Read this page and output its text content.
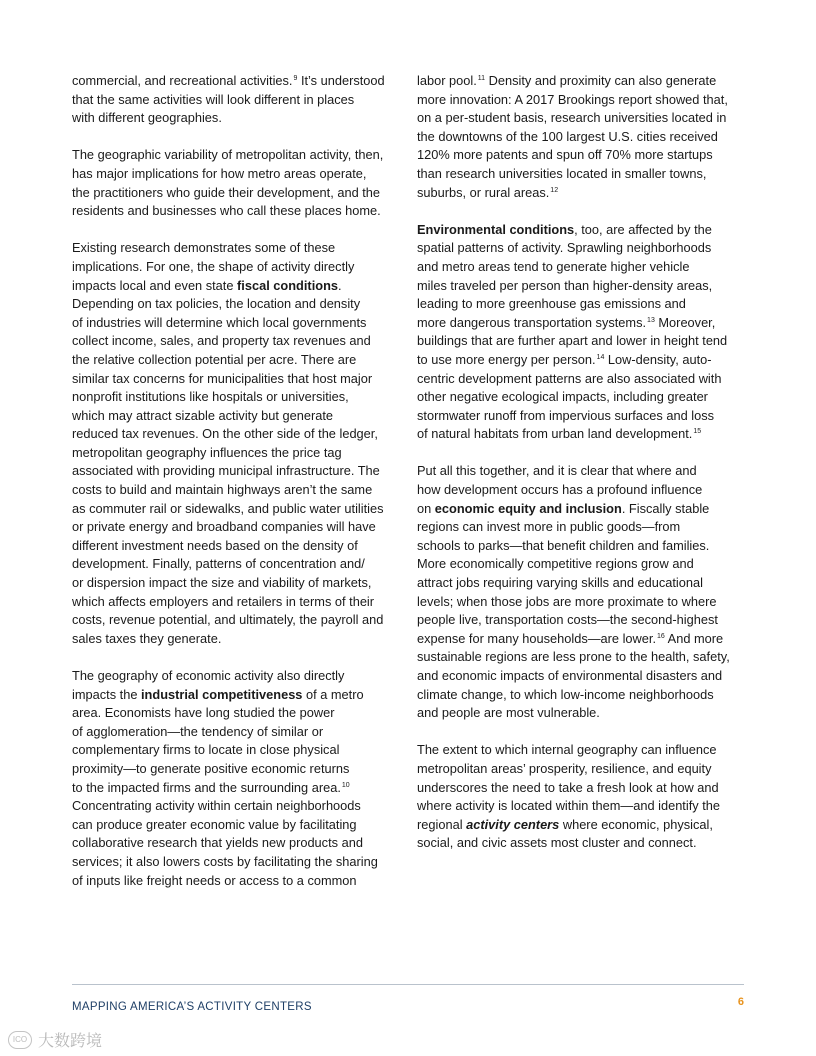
commercial, and recreational activities.$^9$ It’s understood
that the same activities will look different in places
with different geographies.
The geographic variability of metropolitan activity, then,
has major implications for how metro areas operate,
the practitioners who guide their development, and the
residents and businesses who call these places home.
Existing research demonstrates some of these
implications. For one, the shape of activity directly
impacts local and even state fiscal conditions.
Depending on tax policies, the location and density
of industries will determine which local governments
collect income, sales, and property tax revenues and
the relative collection potential per acre. There are
similar tax concerns for municipalities that host major
nonprofit institutions like hospitals or universities,
which may attract sizable activity but generate
reduced tax revenues. On the other side of the ledger,
metropolitan geography influences the price tag
associated with providing municipal infrastructure. The
costs to build and maintain highways aren’t the same
as commuter rail or sidewalks, and public water utilities
or private energy and broadband companies will have
different investment needs based on the density of
development. Finally, patterns of concentration and/
or dispersion impact the size and viability of markets,
which affects employers and retailers in terms of their
costs, revenue potential, and ultimately, the payroll and
sales taxes they generate.
The geography of economic activity also directly
impacts the industrial competitiveness of a metro
area. Economists have long studied the power
of agglomeration—the tendency of similar or
complementary firms to locate in close physical
proximity—to generate positive economic returns
to the impacted firms and the surrounding area.$^{10}$
Concentrating activity within certain neighborhoods
can produce greater economic value by facilitating
collaborative research that yields new products and
services; it also lowers costs by facilitating the sharing
of inputs like freight needs or access to a common
labor pool.$^{11}$ Density and proximity can also generate
more innovation: A 2017 Brookings report showed that,
on a per-student basis, research universities located in
the downtowns of the 100 largest U.S. cities received
120% more patents and spun off 70% more startups
than research universities located in smaller towns,
suburbs, or rural areas.$^{12}$
Environmental conditions, too, are affected by the
spatial patterns of activity. Sprawling neighborhoods
and metro areas tend to generate higher vehicle
miles traveled per person than higher-density areas,
leading to more greenhouse gas emissions and
more dangerous transportation systems.$^{13}$ Moreover,
buildings that are further apart and lower in height tend
to use more energy per person.$^{14}$ Low-density, auto-
centric development patterns are also associated with
other negative ecological impacts, including greater
stormwater runoff from impervious surfaces and loss
of natural habitats from urban land development.$^{15}$
Put all this together, and it is clear that where and
how development occurs has a profound influence
on economic equity and inclusion. Fiscally stable
regions can invest more in public goods—from
schools to parks—that benefit children and families.
More economically competitive regions grow and
attract jobs requiring varying skills and educational
levels; when those jobs are more proximate to where
people live, transportation costs—the second-highest
expense for many households—are lower.$^{16}$ And more
sustainable regions are less prone to the health, safety,
and economic impacts of environmental disasters and
climate change, to which low-income neighborhoods
and people are most vulnerable.
The extent to which internal geography can influence
metropolitan areas’ prosperity, resilience, and equity
underscores the need to take a fresh look at how and
where activity is located within them—and identify the
regional activity centers where economic, physical,
social, and civic assets most cluster and connect.
MAPPING AMERICA’S ACTIVITY CENTERS	6
ICO 大数跨境
